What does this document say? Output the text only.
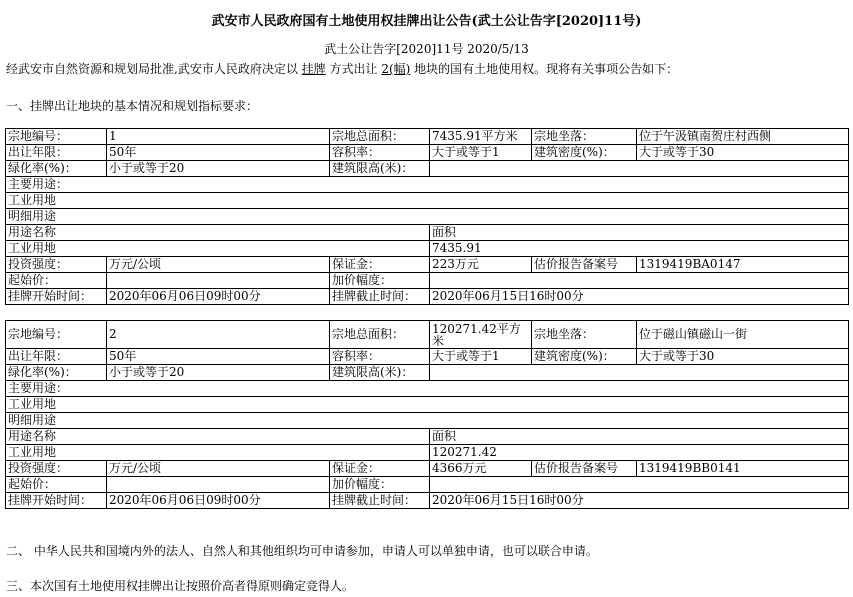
武安市人民政府国有土地使用权挂牌出让公告(武土公让告字[2020]11号)
武土公让告字[2020]11号 2020/5/13
经武安市自然资源和规划局批准,武安市人民政府决定以 挂牌 方式出让 2(幅) 地块的国有土地使用权。现将有关事项公告如下：
一、挂牌出让地块的基本情况和规划指标要求：
宗地编号：	1	宗地总面积：	7435.91平方米	宗地坐落：	位于午汲镇南贺庄村西侧
出让年限：	50年	容积率：	大于或等于1	建筑密度(%)：	大于或等于30
绿化率(%)：	小于或等于20	建筑限高(米)：			
主要用途：					
工业用地					
明细用途					
用途名称			面积		
工业用地			7435.91		
投资强度：	万元/公顷	保证金：	223万元	估价报告备案号	1319419BA0147
起始价：		加价幅度：			
挂牌开始时间：	2020年06月06日09时00分	挂牌截止时间：	2020年06月15日16时00分		
宗地编号：	2	宗地总面积：	120271.42平方米	宗地坐落：	位于磁山镇磁山一街
出让年限：	50年	容积率：	大于或等于1	建筑密度(%)：	大于或等于30
绿化率(%)：	小于或等于20	建筑限高(米)：			
主要用途：					
工业用地					
明细用途					
用途名称			面积		
工业用地			120271.42		
投资强度：	万元/公顷	保证金：	4366万元	估价报告备案号	1319419BB0141
起始价：		加价幅度：			
挂牌开始时间：	2020年06月06日09时00分	挂牌截止时间：	2020年06月15日16时00分		
二、 中华人民共和国境内外的法人、自然人和其他组织均可申请参加，申请人可以单独申请，也可以联合申请。
三、本次国有土地使用权挂牌出让按照价高者得原则确定竞得人。
